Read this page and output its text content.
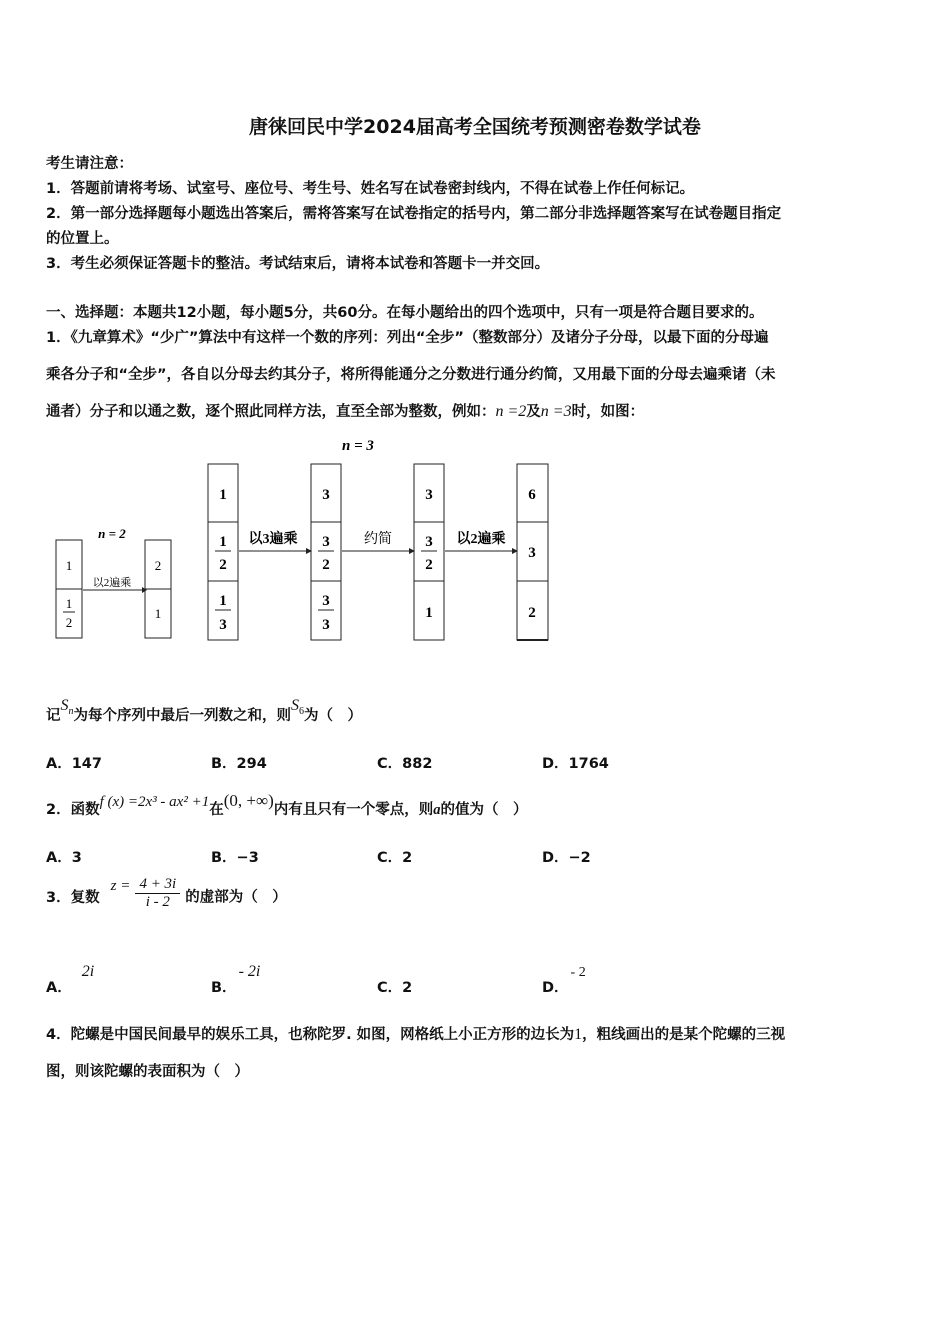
唐徕回民中学2024届高考全国统考预测密卷数学试卷
考生请注意：
1．答题前请将考场、试室号、座位号、考生号、姓名写在试卷密封线内，不得在试卷上作任何标记。
2．第一部分选择题每小题选出答案后，需将答案写在试卷指定的括号内，第二部分非选择题答案写在试卷题目指定
的位置上。
3．考生必须保证答题卡的整洁。考试结束后，请将本试卷和答题卡一并交回。
一、选择题：本题共12小题，每小题5分，共60分。在每小题给出的四个选项中，只有一项是符合题目要求的。
1．《九章算术》“少广”算法中有这样一个数的序列：列出“全步”（整数部分）及诸分子分母，以最下面的分母遍
乘各分子和“全步”，各自以分母去约其分子，将所得能通分之分数进行通分约简，又用最下面的分母去遍乘诸（未
通者）分子和以通之数，逐个照此同样方法，直至全部为整数，例如：n =2及n =3时，如图：
n = 3
n = 2
1
1
2
以2遍乘
2
1
1
1
2
1
3
以3遍乘
3
3
2
3
3
约简
3
3
2
1
以2遍乘
6
3
2
记$S_n$为每个序列中最后一列数之和，则$S_6$为（　）
A．147	B．294	C．882	D．1764
2．函数f (x) =2x³ - ax² +1在(0, +∞)内有且只有一个零点，则a的值为（　）
A．3	B．−3	C．2	D．−2
3．复数 $z = \frac{4 + 3i}{i - 2}$ 的虚部为（　）
A．2i
B．- 2i
C．2	D．- 2
4．陀螺是中国民间最早的娱乐工具，也称陀罗. 如图，网格纸上小正方形的边长为1，粗线画出的是某个陀螺的三视
图，则该陀螺的表面积为（　）
